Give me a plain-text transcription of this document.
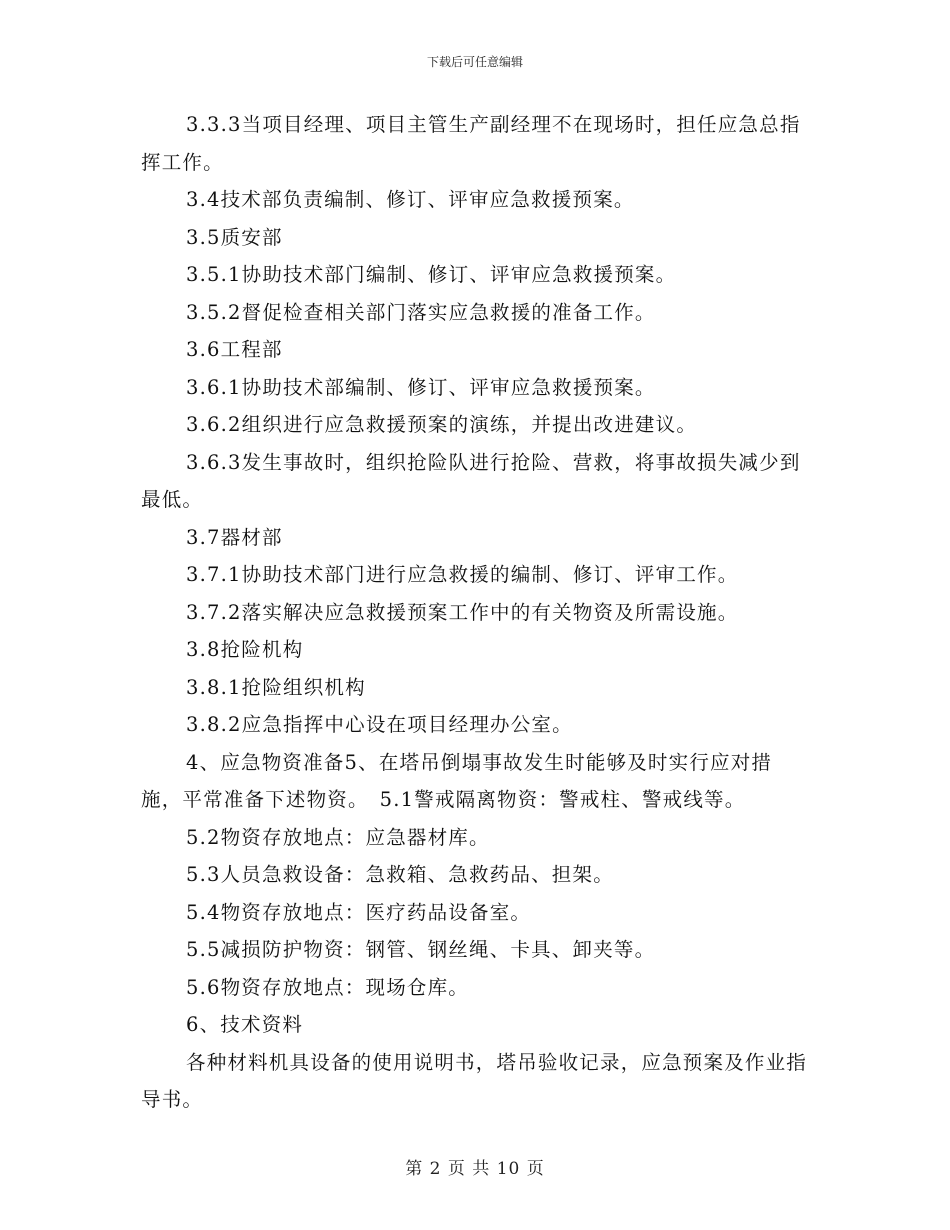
下载后可任意编辑

3.3.3当项目经理、项目主管生产副经理不在现场时，担任应急总指挥工作。

3.4技术部负责编制、修订、评审应急救援预案。

3.5质安部

3.5.1协助技术部门编制、修订、评审应急救援预案。

3.5.2督促检查相关部门落实应急救援的准备工作。

3.6工程部

3.6.1协助技术部编制、修订、评审应急救援预案。

3.6.2组织进行应急救援预案的演练，并提出改进建议。

3.6.3发生事故时，组织抢险队进行抢险、营救，将事故损失减少到最低。

3.7器材部

3.7.1协助技术部门进行应急救援的编制、修订、评审工作。

3.7.2落实解决应急救援预案工作中的有关物资及所需设施。

3.8抢险机构

3.8.1抢险组织机构

3.8.2应急指挥中心设在项目经理办公室。

4、应急物资准备5、在塔吊倒塌事故发生时能够及时实行应对措施，平常准备下述物资。　5.1警戒隔离物资：警戒柱、警戒线等。

5.2物资存放地点：应急器材库。

5.3人员急救设备：急救箱、急救药品、担架。

5.4物资存放地点：医疗药品设备室。

5.5减损防护物资：钢管、钢丝绳、卡具、卸夹等。

5.6物资存放地点：现场仓库。

6、技术资料

各种材料机具设备的使用说明书，塔吊验收记录，应急预案及作业指导书。

第 2 页 共 10 页
